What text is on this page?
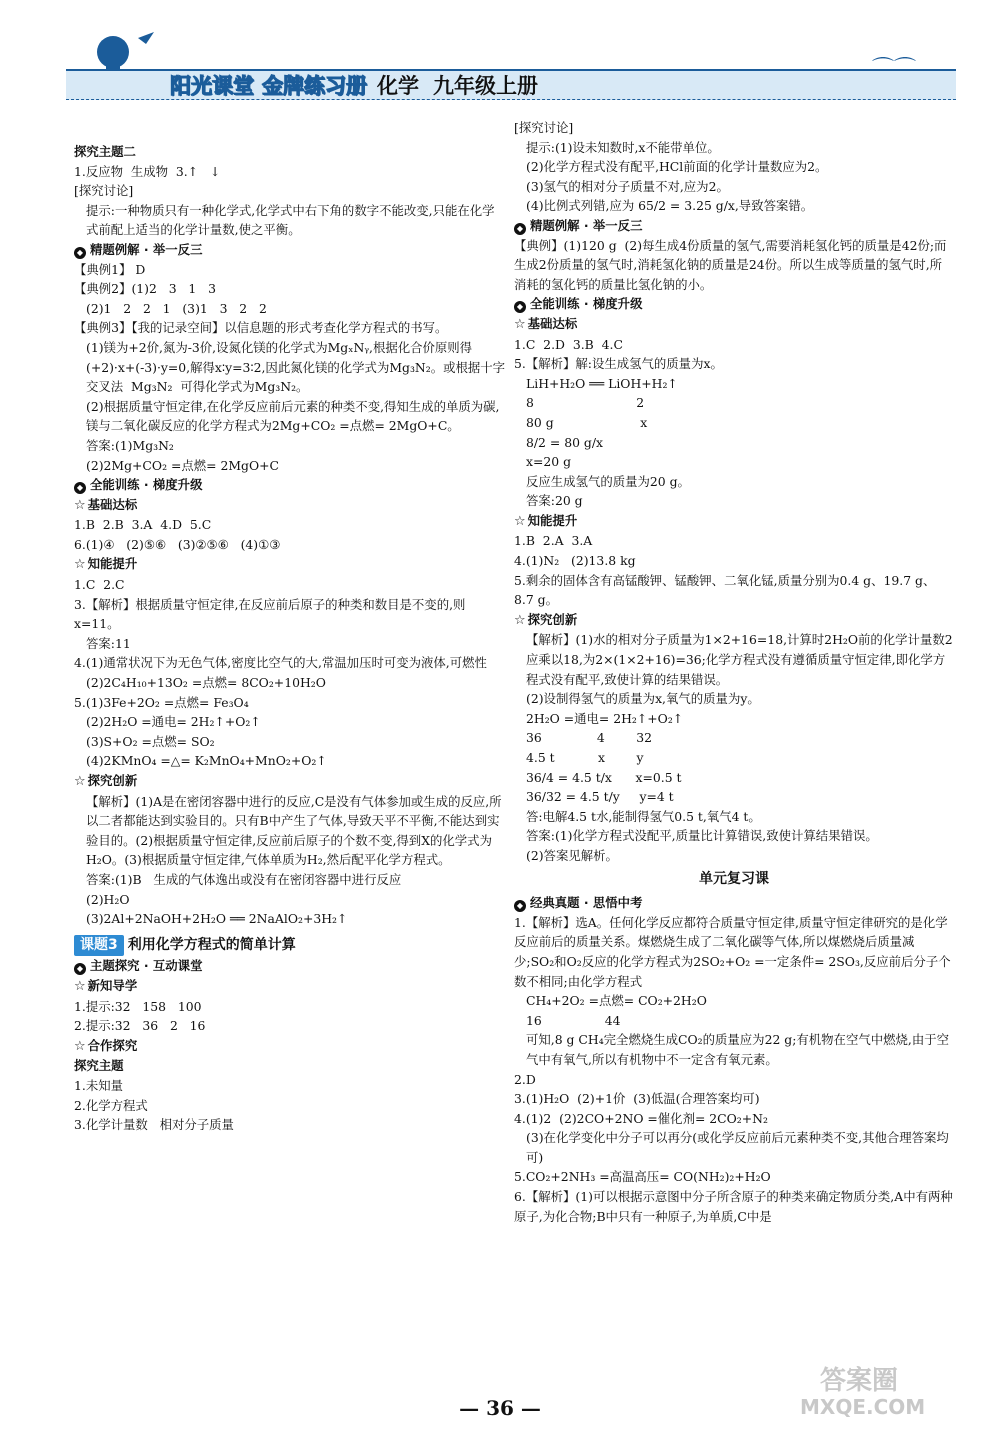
阳光课堂 金牌练习册 化学 九年级上册
⌒⌒
探究主题二
1.反应物  生成物  3.↑   ↓
[探究讨论]
提示:一种物质只有一种化学式,化学式中右下角的数字不能改变,只能在化学式前配上适当的化学计量数,使之平衡。
◆ 精题例解 · 举一反三
【典例1】 D
【典例2】(1)2   3   1   3
(2)1   2   2   1   (3)1   3   2   2
【典例3】【我的记录空间】以信息题的形式考查化学方程式的书写。
(1)镁为+2价,氮为-3价,设氮化镁的化学式为MgₓNᵧ,根据化合价原则得(+2)·x+(-3)·y=0,解得x∶y=3∶2,因此氮化镁的化学式为Mg₃N₂。或根据十字交叉法  Mg₃N₂  可得化学式为Mg₃N₂。
(2)根据质量守恒定律,在化学反应前后元素的种类不变,得知生成的单质为碳,镁与二氧化碳反应的化学方程式为2Mg+CO₂ =点燃= 2MgO+C。
答案:(1)Mg₃N₂
(2)2Mg+CO₂ =点燃= 2MgO+C
◆ 全能训练 · 梯度升级
☆ 基础达标
1.B  2.B  3.A  4.D  5.C
6.(1)④   (2)⑤⑥   (3)②⑤⑥   (4)①③
☆ 知能提升
1.C  2.C
3.【解析】根据质量守恒定律,在反应前后原子的种类和数目是不变的,则x=11。
答案:11
4.(1)通常状况下为无色气体,密度比空气的大,常温加压时可变为液体,可燃性
(2)2C₄H₁₀+13O₂ =点燃= 8CO₂+10H₂O
5.(1)3Fe+2O₂ =点燃= Fe₃O₄
(2)2H₂O =通电= 2H₂↑+O₂↑
(3)S+O₂ =点燃= SO₂
(4)2KMnO₄ =△= K₂MnO₄+MnO₂+O₂↑
☆ 探究创新
【解析】(1)A是在密闭容器中进行的反应,C是没有气体参加或生成的反应,所以二者都能达到实验目的。只有B中产生了气体,导致天平不平衡,不能达到实验目的。(2)根据质量守恒定律,反应前后原子的个数不变,得到X的化学式为H₂O。(3)根据质量守恒定律,气体单质为H₂,然后配平化学方程式。
答案:(1)B   生成的气体逸出或没有在密闭容器中进行反应
(2)H₂O
(3)2Al+2NaOH+2H₂O ══ 2NaAlO₂+3H₂↑
课题3 利用化学方程式的简单计算
◆ 主题探究 · 互动课堂
☆ 新知导学
1.提示:32   158   100
2.提示:32   36   2   16
☆ 合作探究
探究主题
1.未知量
2.化学方程式
3.化学计量数   相对分子质量
[探究讨论]
提示:(1)设未知数时,x不能带单位。
(2)化学方程式没有配平,HCl前面的化学计量数应为2。
(3)氢气的相对分子质量不对,应为2。
(4)比例式列错,应为 65/2 = 3.25 g/x,导致答案错。
◆ 精题例解 · 举一反三
【典例】(1)120 g  (2)每生成4份质量的氢气,需要消耗氢化钙的质量是42份;而生成2份质量的氢气时,消耗氢化钠的质量是24份。所以生成等质量的氢气时,所消耗的氢化钙的质量比氢化钠的小。
◆ 全能训练 · 梯度升级
☆ 基础达标
1.C  2.D  3.B  4.C
5.【解析】解:设生成氢气的质量为x。
LiH+H₂O ══ LiOH+H₂↑
8                          2
80 g                      x
8/2 = 80 g/x
x=20 g
反应生成氢气的质量为20 g。
答案:20 g
☆ 知能提升
1.B  2.A  3.A
4.(1)N₂   (2)13.8 kg
5.剩余的固体含有高锰酸钾、锰酸钾、二氧化锰,质量分别为0.4 g、19.7 g、8.7 g。
☆ 探究创新
【解析】(1)水的相对分子质量为1×2+16=18,计算时2H₂O前的化学计量数2应乘以18,为2×(1×2+16)=36;化学方程式没有遵循质量守恒定律,即化学方程式没有配平,致使计算的结果错误。
(2)设制得氢气的质量为x,氧气的质量为y。
2H₂O =通电= 2H₂↑+O₂↑
36              4        32
4.5 t           x        y
36/4 = 4.5 t/x      x=0.5 t
36/32 = 4.5 t/y     y=4 t
答:电解4.5 t水,能制得氢气0.5 t,氧气4 t。
答案:(1)化学方程式没配平,质量比计算错误,致使计算结果错误。
(2)答案见解析。
单元复习课
◆ 经典真题 · 思悟中考
1.【解析】选A。任何化学反应都符合质量守恒定律,质量守恒定律研究的是化学反应前后的质量关系。煤燃烧生成了二氧化碳等气体,所以煤燃烧后质量减少;SO₂和O₂反应的化学方程式为2SO₂+O₂ =一定条件= 2SO₃,反应前后分子个数不相同;由化学方程式
CH₄+2O₂ =点燃= CO₂+2H₂O
16                44
可知,8 g CH₄完全燃烧生成CO₂的质量应为22 g;有机物在空气中燃烧,由于空气中有氧气,所以有机物中不一定含有氧元素。
2.D
3.(1)H₂O  (2)+1价  (3)低温(合理答案均可)
4.(1)2  (2)2CO+2NO =催化剂= 2CO₂+N₂
(3)在化学变化中分子可以再分(或化学反应前后元素种类不变,其他合理答案均可)
5.CO₂+2NH₃ =高温高压= CO(NH₂)₂+H₂O
6.【解析】(1)可以根据示意图中分子所含原子的种类来确定物质分类,A中有两种原子,为化合物;B中只有一种原子,为单质,C中是
— 36 —
答案圈
MXQE.COM
